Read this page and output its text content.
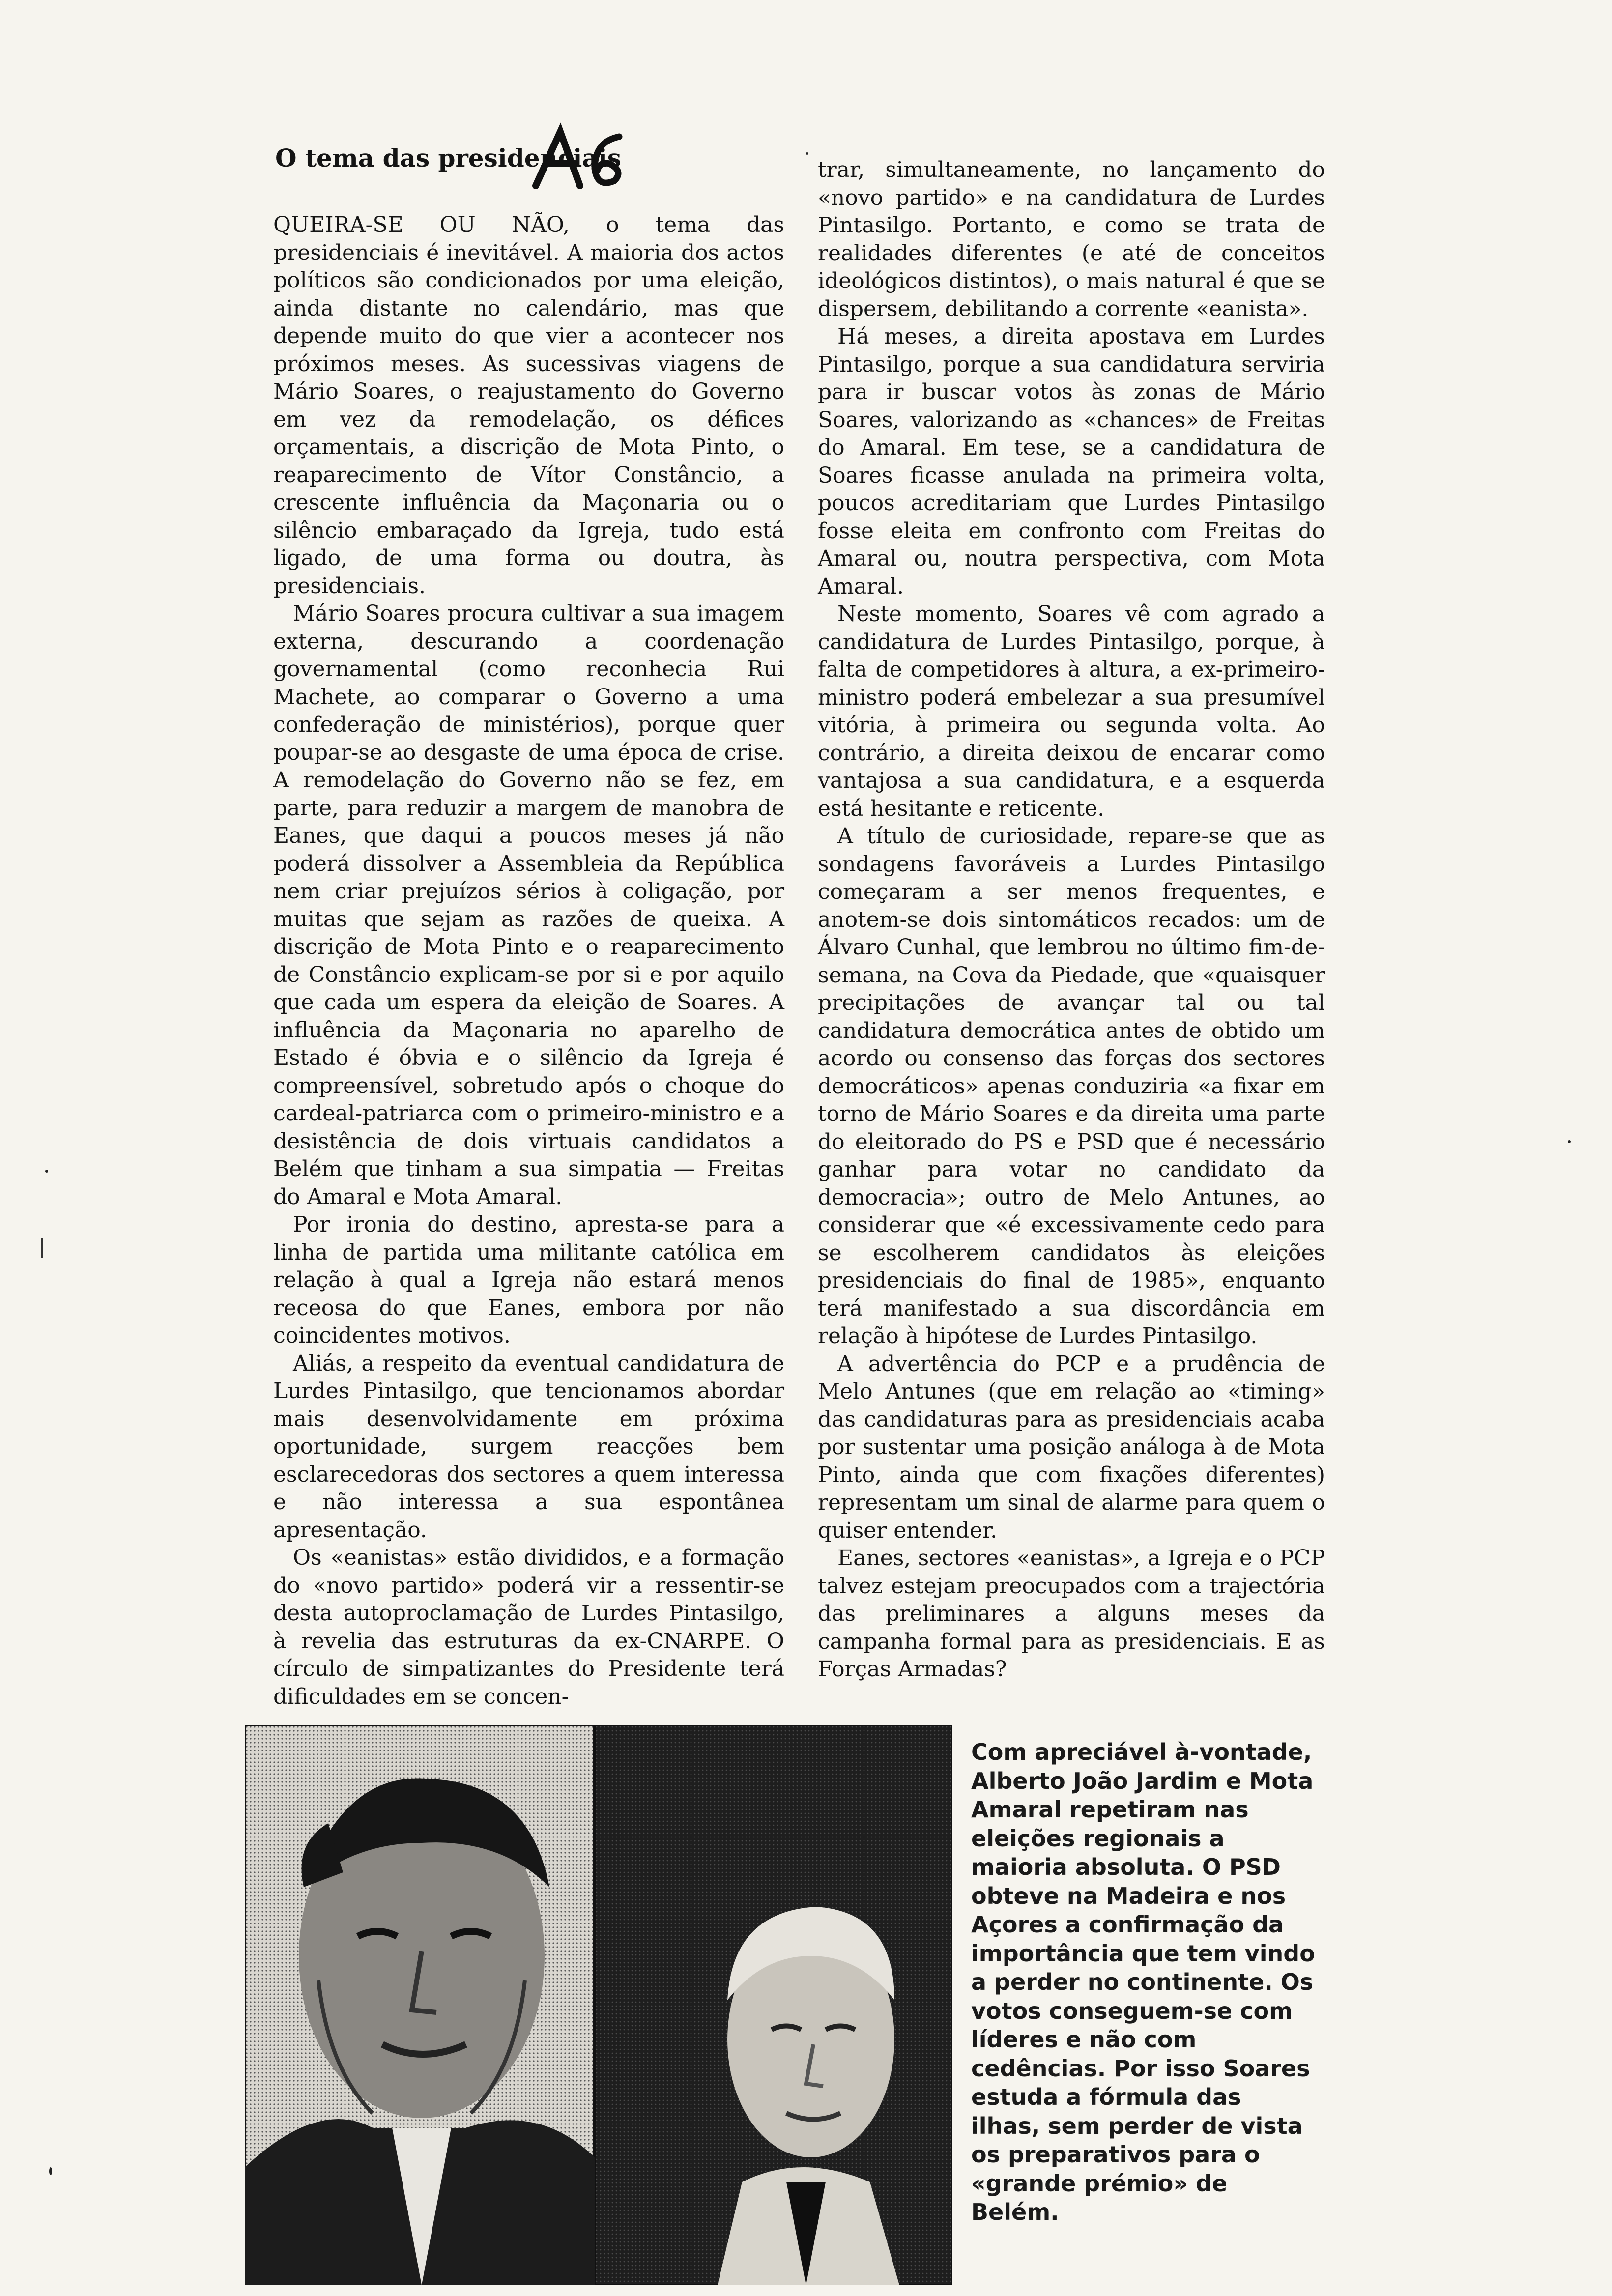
O tema das presidenciais

QUEIRA-SE OU NÃO, o tema das presidenciais é inevitável. A maioria dos actos políticos são condicionados por uma eleição, ainda distante no calendário, mas que depende muito do que vier a acontecer nos próximos meses. As sucessivas viagens de Mário Soares, o reajustamento do Governo em vez da remodelação, os défices orçamentais, a discrição de Mota Pinto, o reaparecimento de Vítor Constâncio, a crescente influência da Maçonaria ou o silêncio embaraçado da Igreja, tudo está ligado, de uma forma ou doutra, às presidenciais.

Mário Soares procura cultivar a sua imagem externa, descurando a coordenação governamental (como reconhecia Rui Machete, ao comparar o Governo a uma confederação de ministérios), porque quer poupar-se ao desgaste de uma época de crise. A remodelação do Governo não se fez, em parte, para reduzir a margem de manobra de Eanes, que daqui a poucos meses já não poderá dissolver a Assembleia da República nem criar prejuízos sérios à coligação, por muitas que sejam as razões de queixa. A discrição de Mota Pinto e o reaparecimento de Constâncio explicam-se por si e por aquilo que cada um espera da eleição de Soares. A influência da Maçonaria no aparelho de Estado é óbvia e o silêncio da Igreja é compreensível, sobretudo após o choque do cardeal-patriarca com o primeiro-ministro e a desistência de dois virtuais candidatos a Belém que tinham a sua simpatia — Freitas do Amaral e Mota Amaral.

Por ironia do destino, apresta-se para a linha de partida uma militante católica em relação à qual a Igreja não estará menos receosa do que Eanes, embora por não coincidentes motivos.

Aliás, a respeito da eventual candidatura de Lurdes Pintasilgo, que tencionamos abordar mais desenvolvidamente em próxima oportunidade, surgem reacções bem esclarecedoras dos sectores a quem interessa e não interessa a sua espontânea apresentação.

Os «eanistas» estão divididos, e a formação do «novo partido» poderá vir a ressentir-se desta autoproclamação de Lurdes Pintasilgo, à revelia das estruturas da ex-CNARPE. O círculo de simpatizantes do Presidente terá dificuldades em se concen-

trar, simultaneamente, no lançamento do «novo partido» e na candidatura de Lurdes Pintasilgo. Portanto, e como se trata de realidades diferentes (e até de conceitos ideológicos distintos), o mais natural é que se dispersem, debilitando a corrente «eanista».

Há meses, a direita apostava em Lurdes Pintasilgo, porque a sua candidatura serviria para ir buscar votos às zonas de Mário Soares, valorizando as «chances» de Freitas do Amaral. Em tese, se a candidatura de Soares ficasse anulada na primeira volta, poucos acreditariam que Lurdes Pintasilgo fosse eleita em confronto com Freitas do Amaral ou, noutra perspectiva, com Mota Amaral.

Neste momento, Soares vê com agrado a candidatura de Lurdes Pintasilgo, porque, à falta de competidores à altura, a ex-primeiro-ministro poderá embelezar a sua presumível vitória, à primeira ou segunda volta. Ao contrário, a direita deixou de encarar como vantajosa a sua candidatura, e a esquerda está hesitante e reticente.

A título de curiosidade, repare-se que as sondagens favoráveis a Lurdes Pintasilgo começaram a ser menos frequentes, e anotem-se dois sintomáticos recados: um de Álvaro Cunhal, que lembrou no último fim-de-semana, na Cova da Piedade, que «quaisquer precipitações de avançar tal ou tal candidatura democrática antes de obtido um acordo ou consenso das forças dos sectores democráticos» apenas conduziria «a fixar em torno de Mário Soares e da direita uma parte do eleitorado do PS e PSD que é necessário ganhar para votar no candidato da democracia»; outro de Melo Antunes, ao considerar que «é excessivamente cedo para se escolherem candidatos às eleições presidenciais do final de 1985», enquanto terá manifestado a sua discordância em relação à hipótese de Lurdes Pintasilgo.

A advertência do PCP e a prudência de Melo Antunes (que em relação ao «timing» das candidaturas para as presidenciais acaba por sustentar uma posição análoga à de Mota Pinto, ainda que com fixações diferentes) representam um sinal de alarme para quem o quiser entender.

Eanes, sectores «eanistas», a Igreja e o PCP talvez estejam preocupados com a trajectória das preliminares a alguns meses da campanha formal para as presidenciais. E as Forças Armadas?

Com apreciável à-vontade, Alberto João Jardim e Mota Amaral repetiram nas eleições regionais a maioria absoluta. O PSD obteve na Madeira e nos Açores a confirmação da importância que tem vindo a perder no continente. Os votos conseguem-se com líderes e não com cedências. Por isso Soares estuda a fórmula das ilhas, sem perder de vista os preparativos para o «grande prémio» de Belém.
